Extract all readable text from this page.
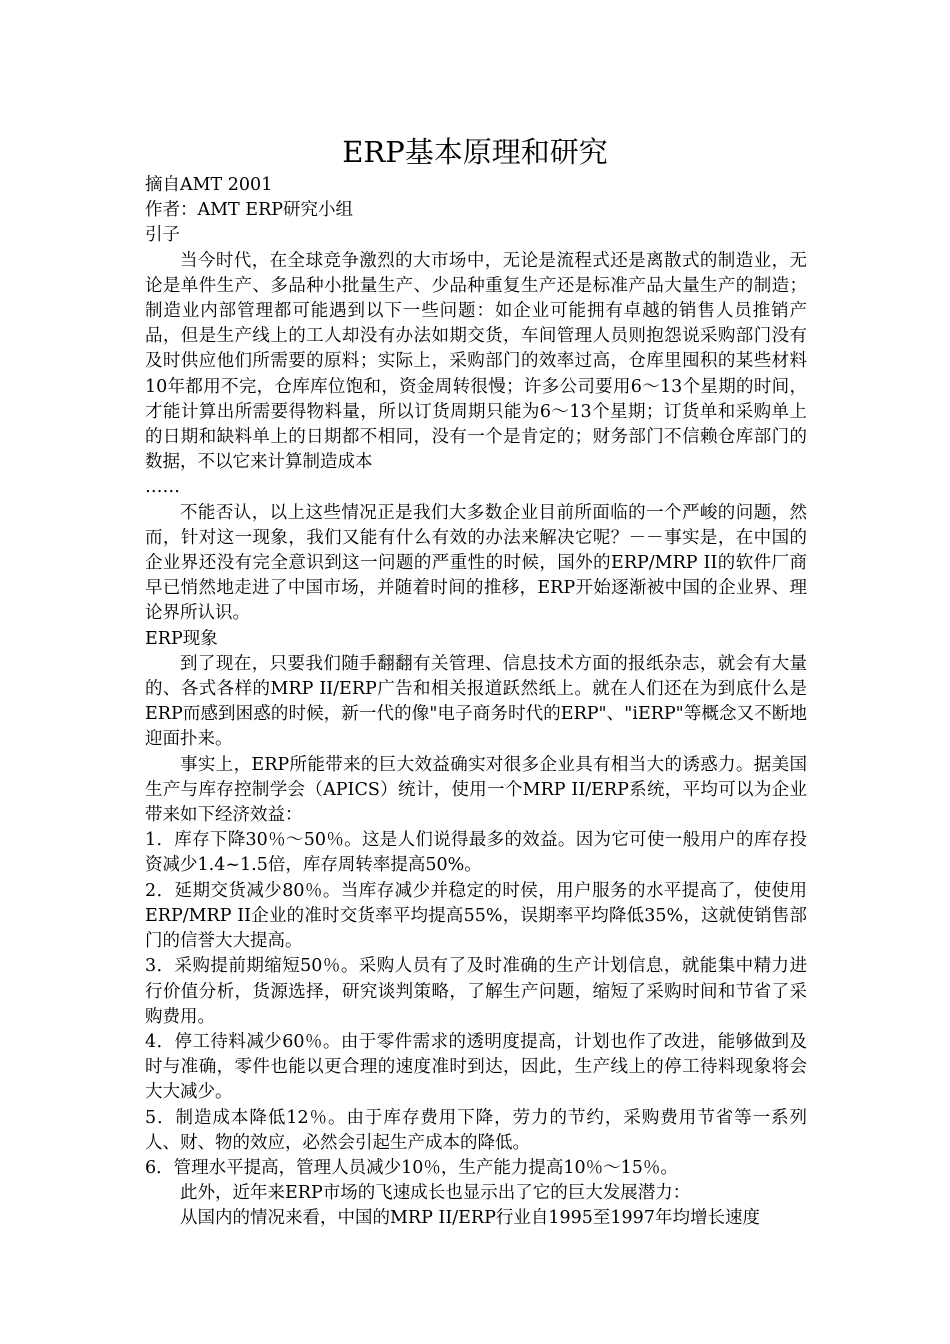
ERP基本原理和研究

摘自AMT 2001

作者：AMT ERP研究小组

引子

当今时代，在全球竞争激烈的大市场中，无论是流程式还是离散式的制造业，无论是单件生产、多品种小批量生产、少品种重复生产还是标准产品大量生产的制造；制造业内部管理都可能遇到以下一些问题：如企业可能拥有卓越的销售人员推销产品，但是生产线上的工人却没有办法如期交货，车间管理人员则抱怨说采购部门没有及时供应他们所需要的原料；实际上，采购部门的效率过高，仓库里囤积的某些材料10年都用不完，仓库库位饱和，资金周转很慢；许多公司要用6～13个星期的时间，才能计算出所需要得物料量，所以订货周期只能为6～13个星期；订货单和采购单上的日期和缺料单上的日期都不相同，没有一个是肯定的；财务部门不信赖仓库部门的数据，不以它来计算制造成本

……

不能否认，以上这些情况正是我们大多数企业目前所面临的一个严峻的问题，然而，针对这一现象，我们又能有什么有效的办法来解决它呢？－－事实是，在中国的企业界还没有完全意识到这一问题的严重性的时候，国外的ERP/MRP II的软件厂商早已悄然地走进了中国市场，并随着时间的推移，ERP开始逐渐被中国的企业界、理论界所认识。

ERP现象

到了现在，只要我们随手翻翻有关管理、信息技术方面的报纸杂志，就会有大量的、各式各样的MRP II/ERP广告和相关报道跃然纸上。就在人们还在为到底什么是ERP而感到困惑的时候，新一代的像"电子商务时代的ERP"、"iERP"等概念又不断地迎面扑来。

事实上，ERP所能带来的巨大效益确实对很多企业具有相当大的诱惑力。据美国生产与库存控制学会（APICS）统计，使用一个MRP II/ERP系统，平均可以为企业带来如下经济效益：

1．库存下降30％～50％。这是人们说得最多的效益。因为它可使一般用户的库存投资减少1.4~1.5倍，库存周转率提高50%。

2．延期交货减少80％。当库存减少并稳定的时侯，用户服务的水平提高了，使使用ERP/MRP II企业的准时交货率平均提高55%，误期率平均降低35%，这就使销售部门的信誉大大提高。

3．采购提前期缩短50％。采购人员有了及时准确的生产计划信息，就能集中精力进行价值分析，货源选择，研究谈判策略，了解生产问题，缩短了采购时间和节省了采购费用。

4．停工待料减少60％。由于零件需求的透明度提高，计划也作了改进，能够做到及时与准确，零件也能以更合理的速度准时到达，因此，生产线上的停工待料现象将会大大减少。

5．制造成本降低12％。由于库存费用下降，劳力的节约，采购费用节省等一系列人、财、物的效应，必然会引起生产成本的降低。

6．管理水平提高，管理人员减少10％，生产能力提高10％～15％。

此外，近年来ERP市场的飞速成长也显示出了它的巨大发展潜力：

从国内的情况来看，中国的MRP II/ERP行业自1995至1997年均增长速度
